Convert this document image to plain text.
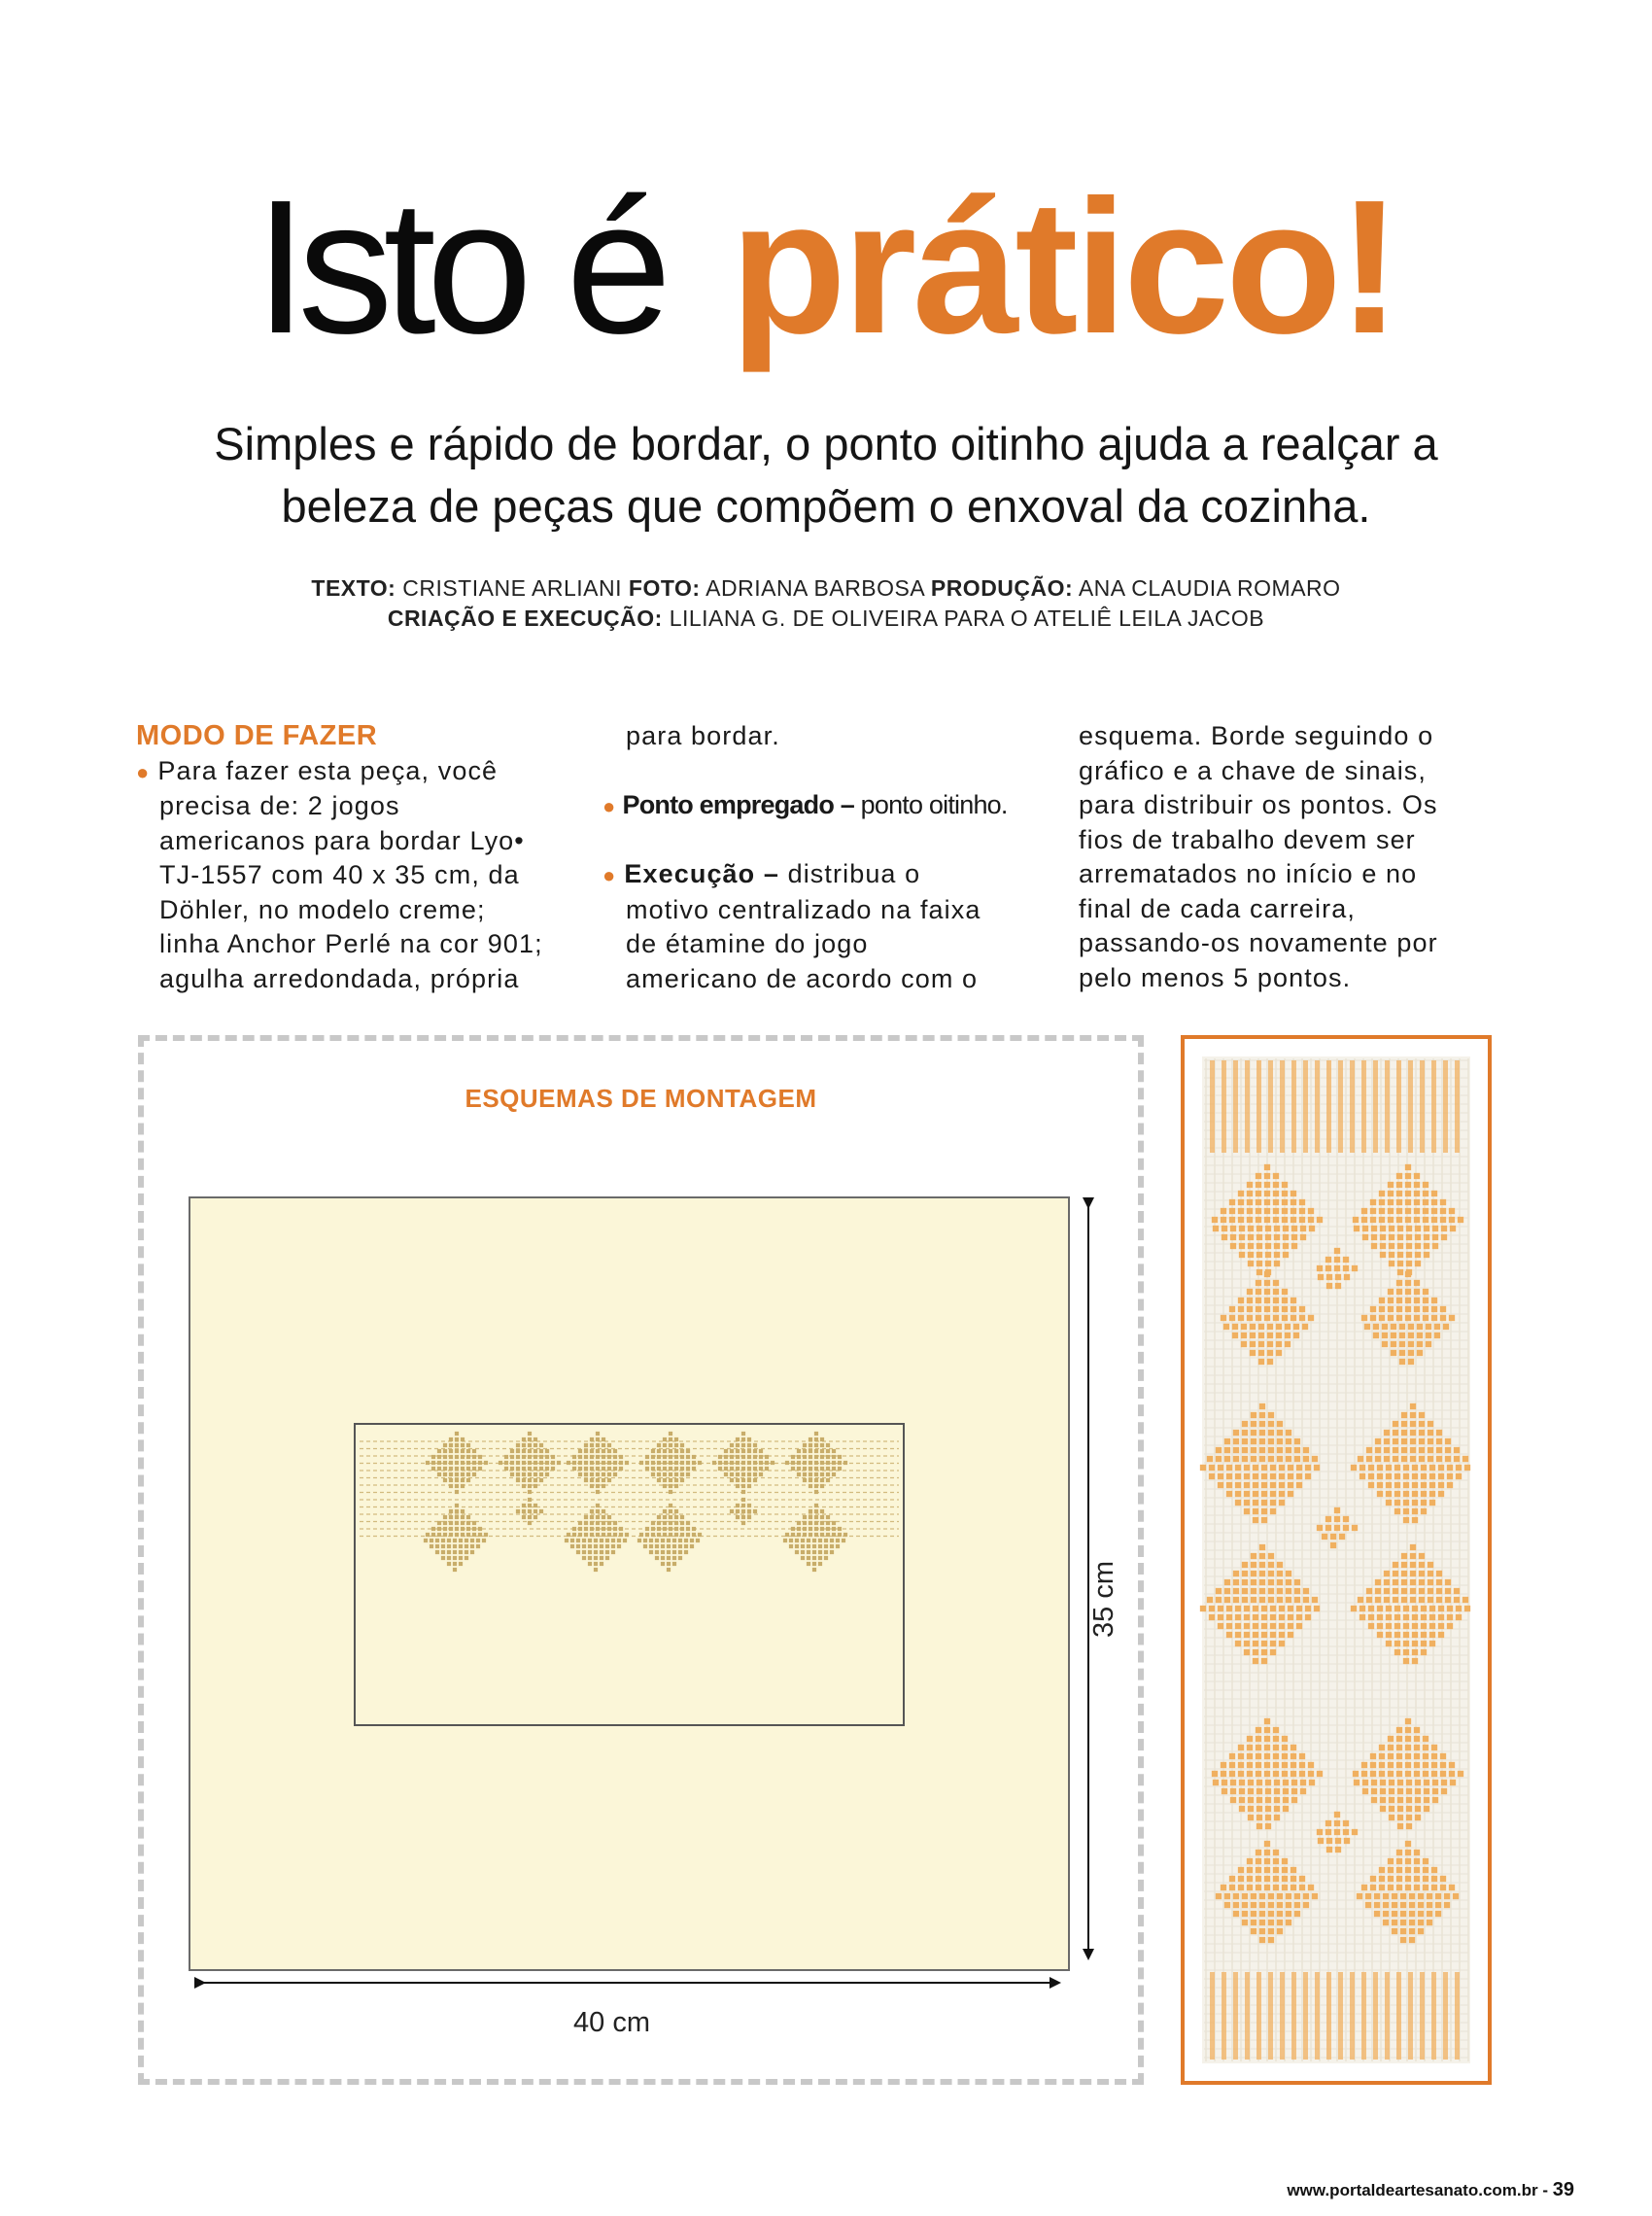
Isto é prático!
Simples e rápido de bordar, o ponto oitinho ajuda a realçar a
beleza de peças que compõem o enxoval da cozinha.
TEXTO: CRISTIANE ARLIANI FOTO: ADRIANA BARBOSA PRODUÇÃO: ANA CLAUDIA ROMARO
CRIAÇÃO E EXECUÇÃO: LILIANA G. DE OLIVEIRA PARA O ATELIÊ LEILA JACOB
MODO DE FAZER
● Para fazer esta peça, você
precisa de: 2 jogos
americanos para bordar Lyo•
TJ-1557 com 40 x 35 cm, da
Döhler, no modelo creme;
linha Anchor Perlé na cor 901;
agulha arredondada, própria
para bordar.
● Ponto empregado – ponto oitinho.
● Execução – distribua o
motivo centralizado na faixa
de étamine do jogo
americano de acordo com o
esquema. Borde seguindo o
gráfico e a chave de sinais,
para distribuir os pontos. Os
fios de trabalho devem ser
arrematados no início e no
final de cada carreira,
passando-os novamente por
pelo menos 5 pontos.
ESQUEMAS DE MONTAGEM
40 cm
35 cm
www.portaldeartesanato.com.br - 39
